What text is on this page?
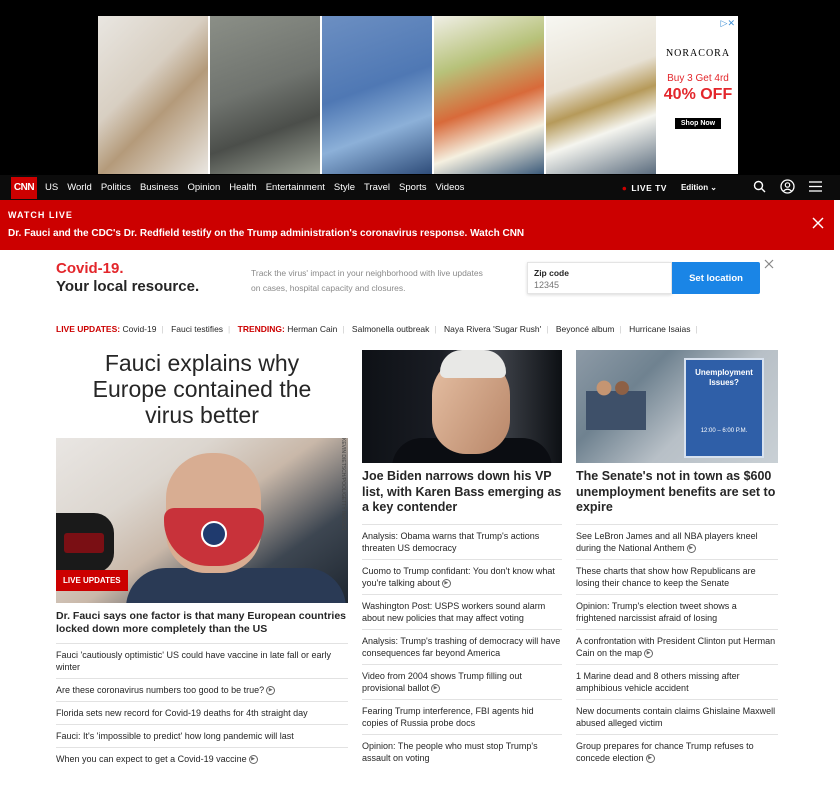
▷✕
NORACORA
Buy 3 Get 4rd
40% OFF
Shop Now
CNN	US World Politics Business Opinion Health Entertainment Style Travel Sports Videos	● LIVE TV Edition ⌄
WATCH LIVE
Dr. Fauci and the CDC's Dr. Redfield testify on the Trump administration's coronavirus response. Watch CNN
Covid-19.
Your local resource.
Track the virus' impact in your neighborhood with live updates on cases, hospital capacity and closures.
Zip code
12345	Set location
LIVE UPDATES: Covid-19 | Fauci testifies | TRENDING: Herman Cain | Salmonella outbreak | Naya Rivera 'Sugar Rush' | Beyoncé album | Hurricane Isaias |
Fauci explains why Europe contained the virus better
KEVIN DIETSCH/POOL/GETTY IMAGES
LIVE UPDATES
Dr. Fauci says one factor is that many European countries locked down more completely than the US
Fauci 'cautiously optimistic' US could have vaccine in late fall or early winter
Are these coronavirus numbers too good to be true? ▶
Florida sets new record for Covid-19 deaths for 4th straight day
Fauci: It's 'impossible to predict' how long pandemic will last
When you can expect to get a Covid-19 vaccine ▶
Joe Biden narrows down his VP list, with Karen Bass emerging as a key contender
Analysis: Obama warns that Trump's actions threaten US democracy
Cuomo to Trump confidant: You don't know what you're talking about ▶
Washington Post: USPS workers sound alarm about new policies that may affect voting
Analysis: Trump's trashing of democracy will have consequences far beyond America
Video from 2004 shows Trump filling out provisional ballot ▶
Fearing Trump interference, FBI agents hid copies of Russia probe docs
Opinion: The people who must stop Trump's assault on voting
Unemployment Issues?
12:00 – 6:00 P.M.
The Senate's not in town as $600 unemployment benefits are set to expire
See LeBron James and all NBA players kneel during the National Anthem ▶
These charts that show how Republicans are losing their chance to keep the Senate
Opinion: Trump's election tweet shows a frightened narcissist afraid of losing
A confrontation with President Clinton put Herman Cain on the map ▶
1 Marine dead and 8 others missing after amphibious vehicle accident
New documents contain claims Ghislaine Maxwell abused alleged victim
Group prepares for chance Trump refuses to concede election ▶
